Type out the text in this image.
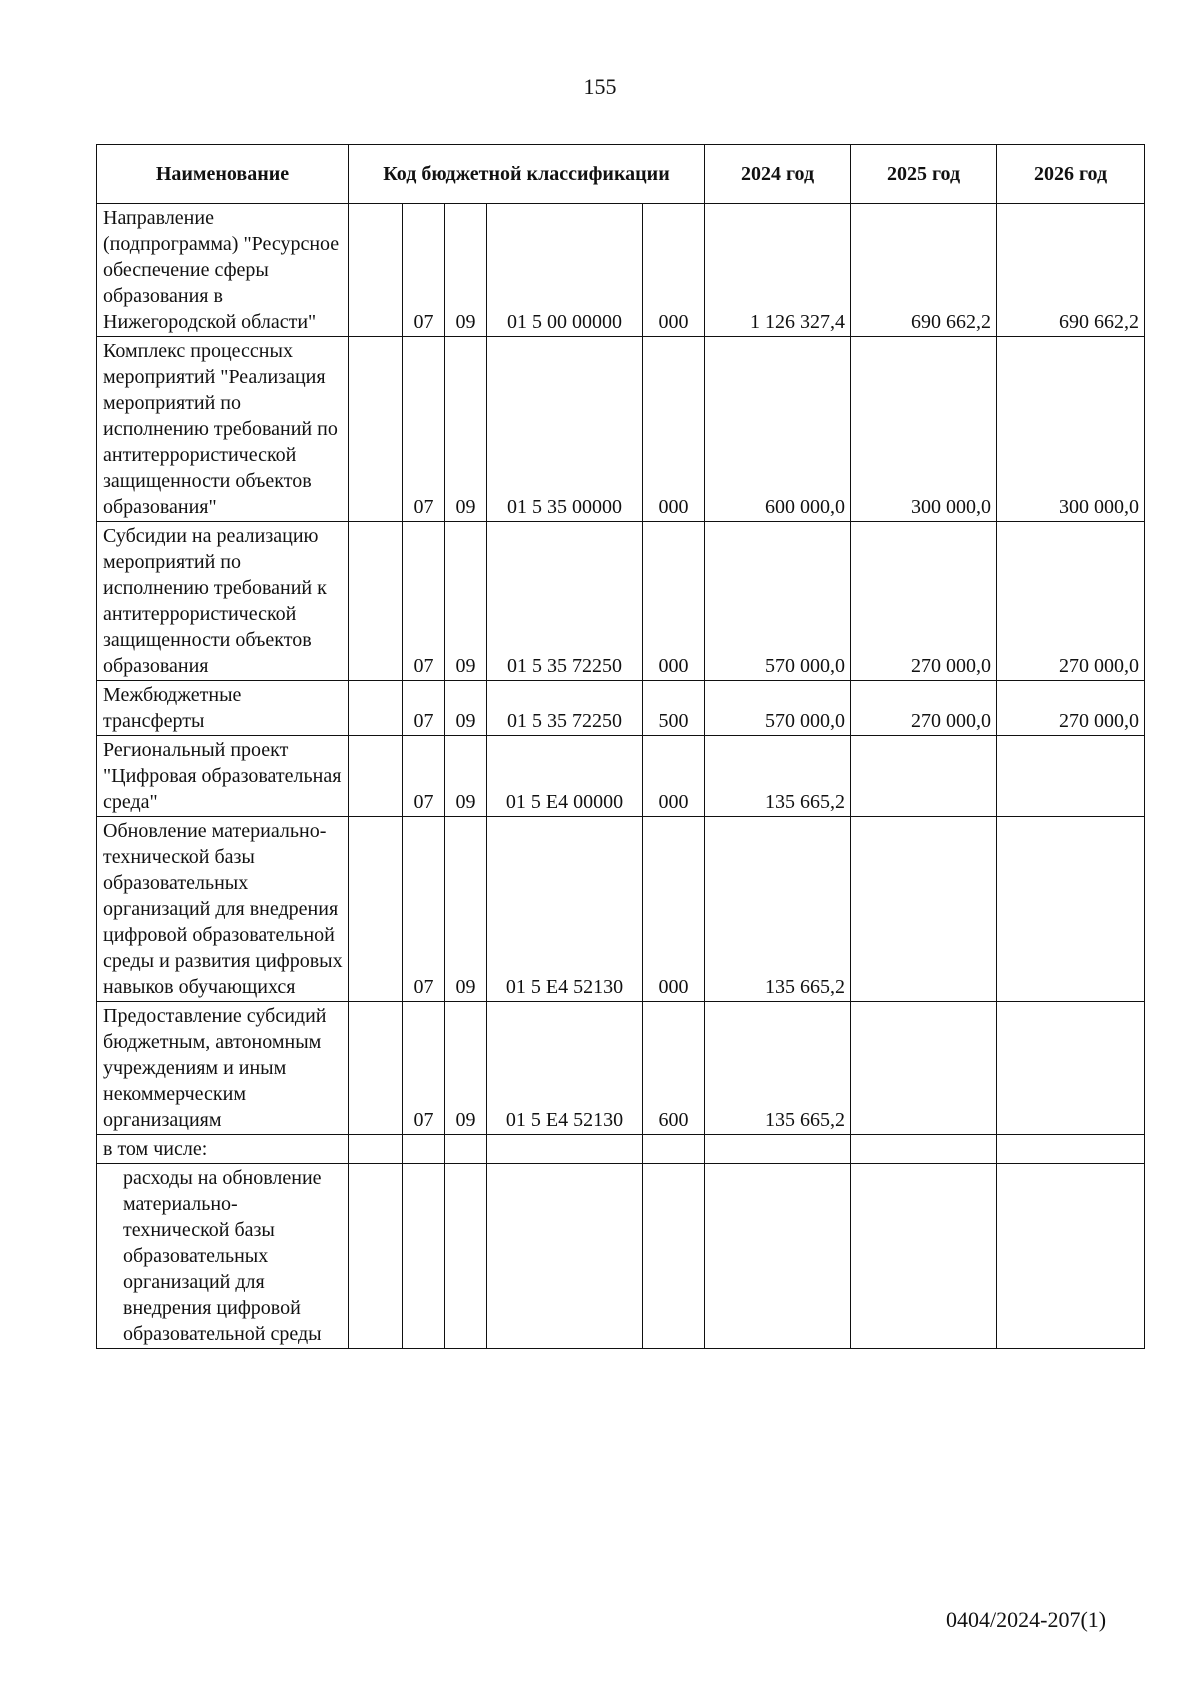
155
Наименование	Код бюджетной классификации					2024 год	2025 год	2026 год
Направление (подпрограмма) "Ресурсное обеспечение сферы образования в Нижегородской области"		07	09	01 5 00 00000	000	1 126 327,4	690 662,2	690 662,2
Комплекс процессных мероприятий "Реализация мероприятий по исполнению требований по антитеррористической защищенности объектов образования"		07	09	01 5 35 00000	000	600 000,0	300 000,0	300 000,0
Субсидии на реализацию мероприятий по исполнению требований к антитеррористической защищенности объектов образования		07	09	01 5 35 72250	000	570 000,0	270 000,0	270 000,0
Межбюджетные трансферты		07	09	01 5 35 72250	500	570 000,0	270 000,0	270 000,0
Региональный проект "Цифровая образовательная среда"		07	09	01 5 Е4 00000	000	135 665,2		
Обновление материально-технической базы образовательных организаций для внедрения цифровой образовательной среды и развития цифровых навыков обучающихся		07	09	01 5 Е4 52130	000	135 665,2		
Предоставление субсидий бюджетным, автономным учреждениям и иным некоммерческим организациям		07	09	01 5 Е4 52130	600	135 665,2		
в том числе:								
расходы на обновление материально-технической базы образовательных организаций для внедрения цифровой образовательной среды								
0404/2024-207(1)
